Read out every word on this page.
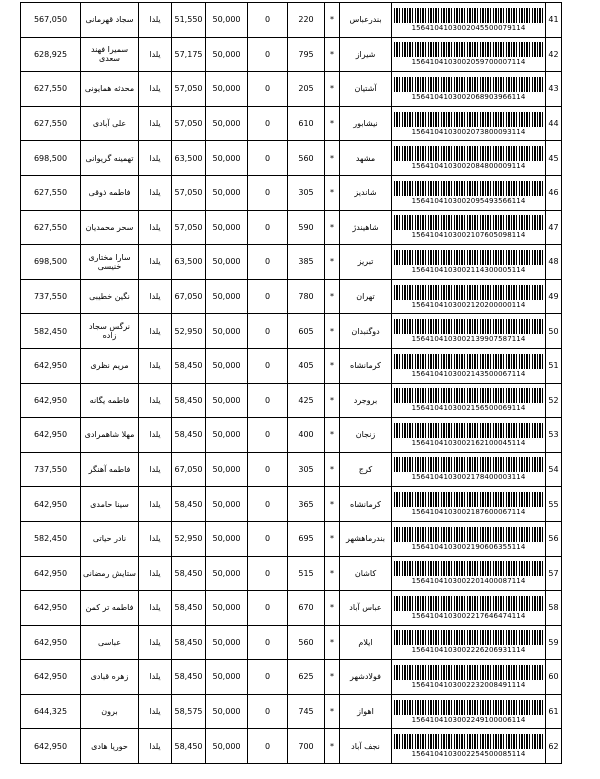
567,050	سجاد قهرمانی	یلدا	51,550	50,000	0	220	*	بندرعباس	1564104103002045500079114	41
628,925	سمیرا فهند سعدی	یلدا	57,175	50,000	0	795	*	شیراز	1564104103002059700007114	42
627,550	محدثه همایونی	یلدا	57,050	50,000	0	205	*	آشتیان	1564104103002068903966114	43
627,550	علی آبادی	یلدا	57,050	50,000	0	610	*	نیشابور	1564104103002073800093114	44
698,500	تهمینه گریوانی	یلدا	63,500	50,000	0	560	*	مشهد	1564104103002084800009114	45
627,550	فاطمه ذوقی	یلدا	57,050	50,000	0	305	*	شاندیز	1564104103002095493566114	46
627,550	سحر محمدیان	یلدا	57,050	50,000	0	590	*	شاهیندژ	1564104103002107605098114	47
698,500	سارا مختاری خنیسی	یلدا	63,500	50,000	0	385	*	تبریز	1564104103002114300005114	48
737,550	نگین خطیبی	یلدا	67,050	50,000	0	780	*	تهران	1564104103002120200000114	49
582,450	نرگس سجاد زاده	یلدا	52,950	50,000	0	605	*	دوگنبدان	1564104103002139907587114	50
642,950	مریم نظری	یلدا	58,450	50,000	0	405	*	کرمانشاه	1564104103002143500067114	51
642,950	فاطمه یگانه	یلدا	58,450	50,000	0	425	*	بروجرد	1564104103002156500069114	52
642,950	مهلا شاهمرادی	یلدا	58,450	50,000	0	400	*	زنجان	1564104103002162100045114	53
737,550	فاطمه آهنگر	یلدا	67,050	50,000	0	305	*	کرج	1564104103002178400003114	54
642,950	سینا حامدی	یلدا	58,450	50,000	0	365	*	کرمانشاه	1564104103002187600067114	55
582,450	نادر حیاتی	یلدا	52,950	50,000	0	695	*	بندرماهشهر	1564104103002190606355114	56
642,950	ستایش رمضانی	یلدا	58,450	50,000	0	515	*	کاشان	1564104103002201400087114	57
642,950	فاطمه تر کمن	یلدا	58,450	50,000	0	670	*	عباس آباد	1564104103002217646474114	58
642,950	عباسی	یلدا	58,450	50,000	0	560	*	ایلام	1564104103002226206931114	59
642,950	زهره قبادی	یلدا	58,450	50,000	0	625	*	فولادشهر	1564104103002232008491114	60
644,325	برون	یلدا	58,575	50,000	0	745	*	اهواز	1564104103002249100006114	61
642,950	حوریا هادی	یلدا	58,450	50,000	0	700	*	نجف آباد	1564104103002254500085114	62
